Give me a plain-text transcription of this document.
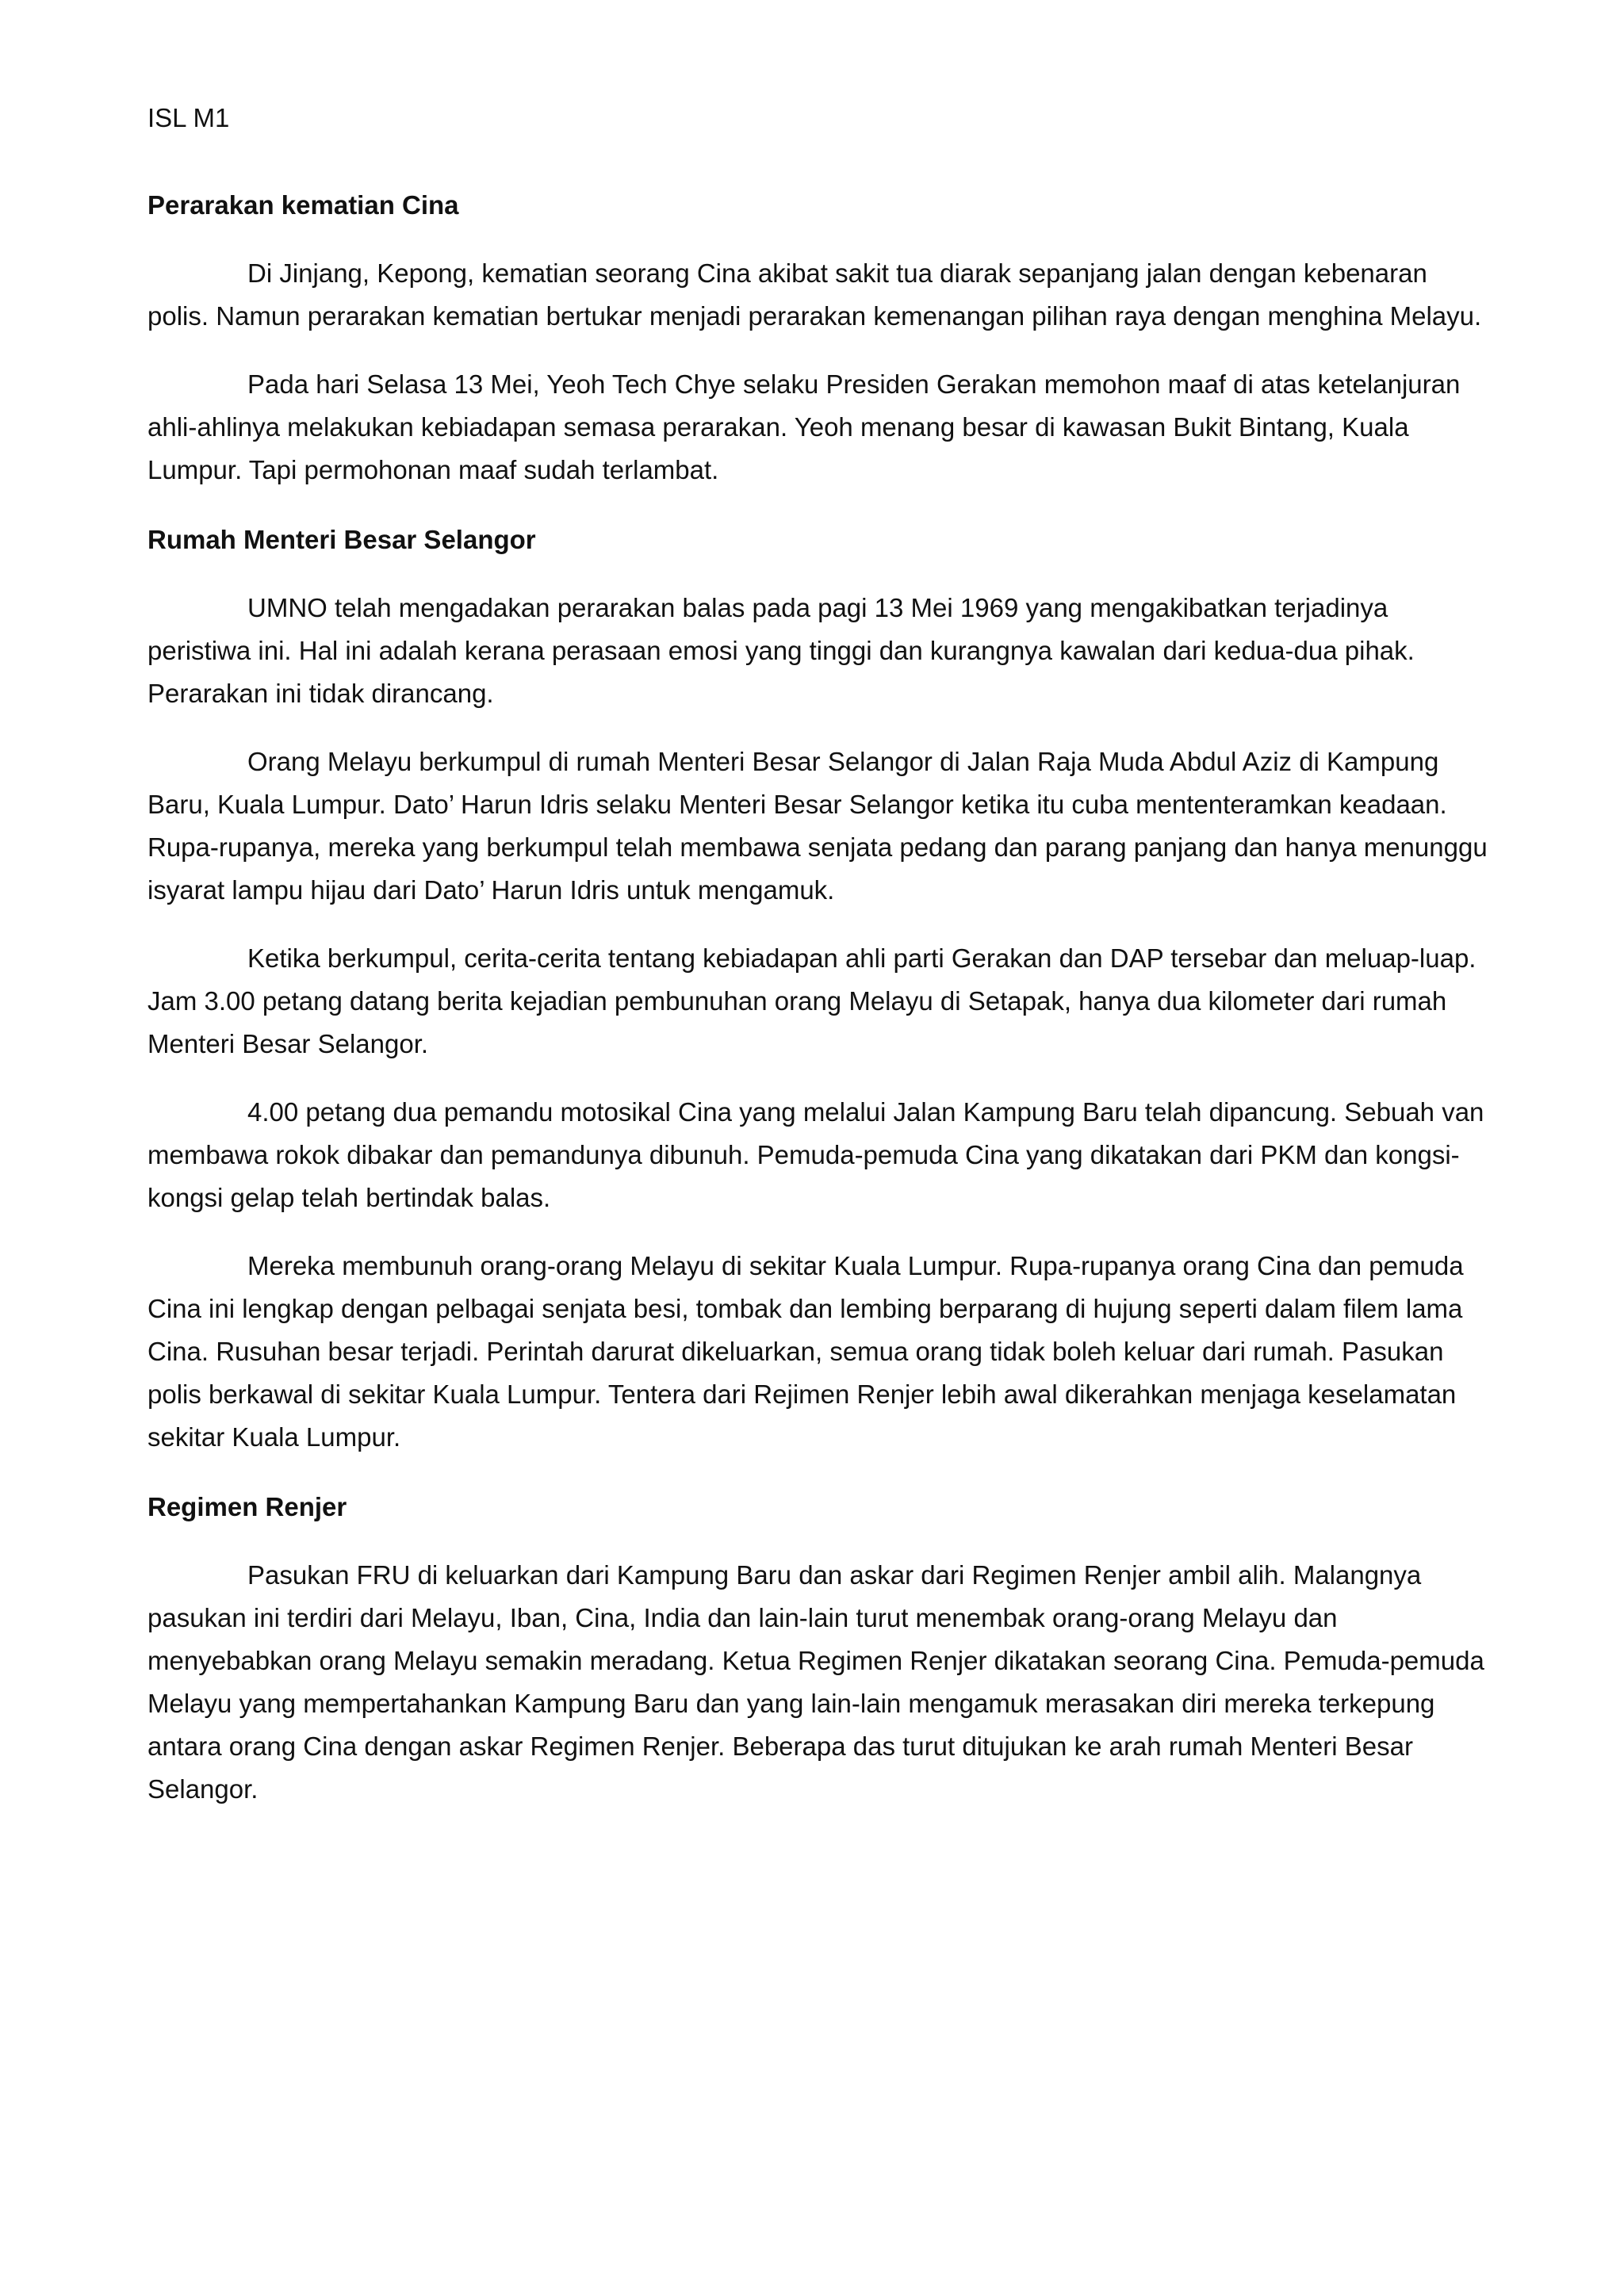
ISL M1

Perarakan kematian Cina

Di Jinjang, Kepong, kematian seorang Cina akibat sakit tua diarak sepanjang jalan dengan kebenaran polis. Namun perarakan kematian bertukar menjadi perarakan kemenangan pilihan raya dengan menghina Melayu.

Pada hari Selasa 13 Mei, Yeoh Tech Chye selaku Presiden Gerakan memohon maaf di atas ketelanjuran ahli-ahlinya melakukan kebiadapan semasa perarakan. Yeoh menang besar di kawasan Bukit Bintang, Kuala Lumpur. Tapi permohonan maaf sudah terlambat.

Rumah Menteri Besar Selangor

UMNO telah mengadakan perarakan balas pada pagi 13 Mei 1969 yang mengakibatkan terjadinya peristiwa ini. Hal ini adalah kerana perasaan emosi yang tinggi dan kurangnya kawalan dari kedua-dua pihak. Perarakan ini tidak dirancang.

Orang Melayu berkumpul di rumah Menteri Besar Selangor di Jalan Raja Muda Abdul Aziz di Kampung Baru, Kuala Lumpur. Dato’ Harun Idris selaku Menteri Besar Selangor ketika itu cuba mententeramkan keadaan. Rupa-rupanya, mereka yang berkumpul telah membawa senjata pedang dan parang panjang dan hanya menunggu isyarat lampu hijau dari Dato’ Harun Idris untuk mengamuk.

Ketika berkumpul, cerita-cerita tentang kebiadapan ahli parti Gerakan dan DAP tersebar dan meluap-luap. Jam 3.00 petang datang berita kejadian pembunuhan orang Melayu di Setapak, hanya dua kilometer dari rumah Menteri Besar Selangor.

4.00 petang dua pemandu motosikal Cina yang melalui Jalan Kampung Baru telah dipancung. Sebuah van membawa rokok dibakar dan pemandunya dibunuh. Pemuda-pemuda Cina yang dikatakan dari PKM dan kongsi-kongsi gelap telah bertindak balas.

Mereka membunuh orang-orang Melayu di sekitar Kuala Lumpur. Rupa-rupanya orang Cina dan pemuda Cina ini lengkap dengan pelbagai senjata besi, tombak dan lembing berparang di hujung seperti dalam filem lama Cina. Rusuhan besar terjadi. Perintah darurat dikeluarkan, semua orang tidak boleh keluar dari rumah. Pasukan polis berkawal di sekitar Kuala Lumpur. Tentera dari Rejimen Renjer lebih awal dikerahkan menjaga keselamatan sekitar Kuala Lumpur.

Regimen Renjer

Pasukan FRU di keluarkan dari Kampung Baru dan askar dari Regimen Renjer ambil alih. Malangnya pasukan ini terdiri dari Melayu, Iban, Cina, India dan lain-lain turut menembak orang-orang Melayu dan menyebabkan orang Melayu semakin meradang. Ketua Regimen Renjer dikatakan seorang Cina. Pemuda-pemuda Melayu yang mempertahankan Kampung Baru dan yang lain-lain mengamuk merasakan diri mereka terkepung antara orang Cina dengan askar Regimen Renjer. Beberapa das turut ditujukan ke arah rumah Menteri Besar Selangor.
